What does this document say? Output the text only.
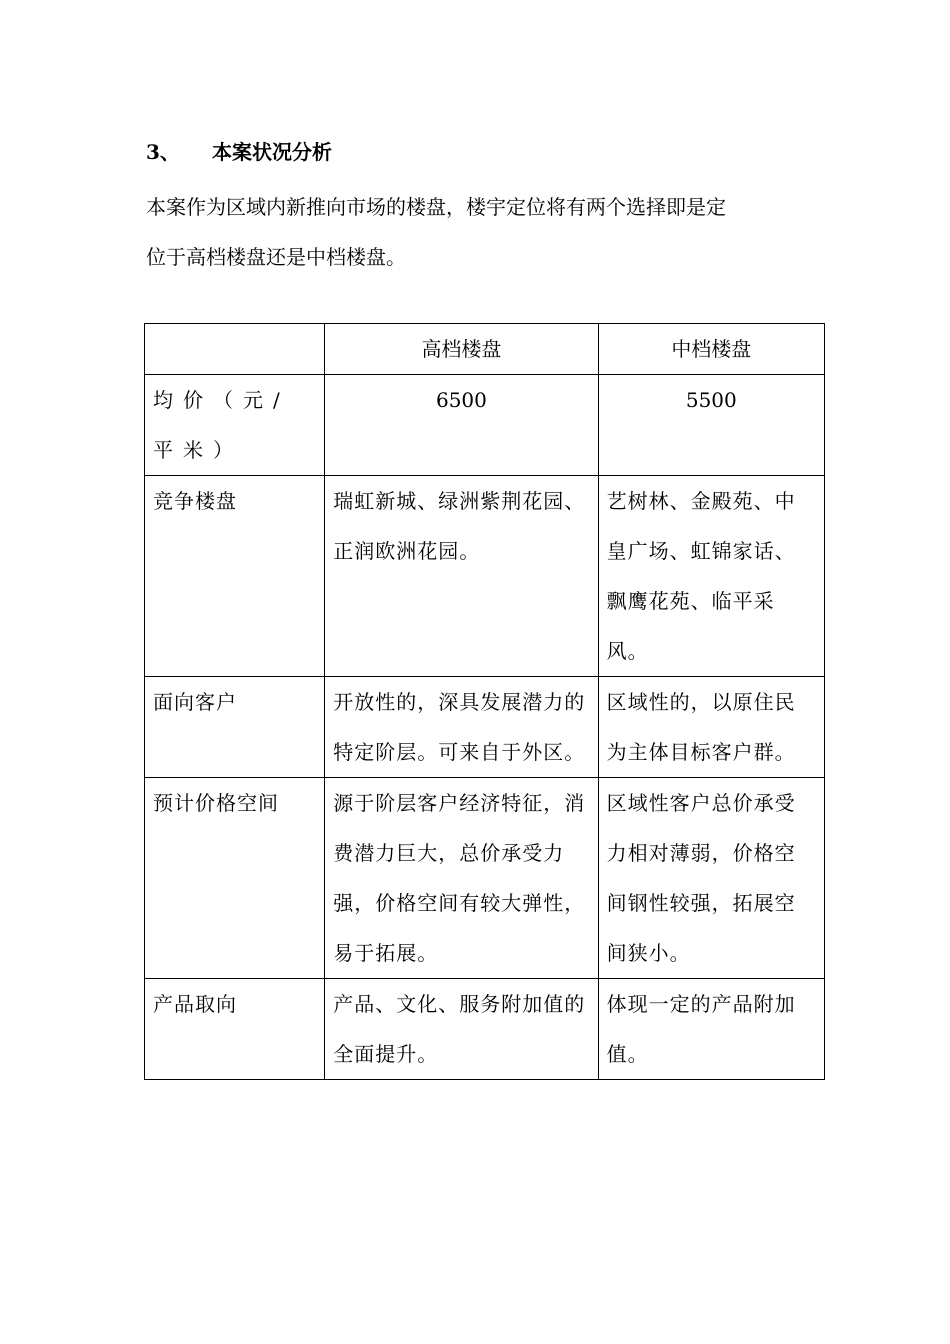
3、 本案状况分析

本案作为区域内新推向市场的楼盘，楼宇定位将有两个选择即是定

位于高档楼盘还是中档楼盘。

	高档楼盘	中档楼盘
均价（元/平米）	6500	5500
竞争楼盘	瑞虹新城、绿洲紫荆花园、正润欧洲花园。	艺树林、金殿苑、中皇广场、虹锦家话、飘鹰花苑、临平采风。
面向客户	开放性的，深具发展潜力的特定阶层。可来自于外区。	区域性的，以原住民为主体目标客户群。
预计价格空间	源于阶层客户经济特征，消费潜力巨大，总价承受力强，价格空间有较大弹性，易于拓展。	区域性客户总价承受力相对薄弱，价格空间钢性较强，拓展空间狭小。
产品取向	产品、文化、服务附加值的全面提升。	体现一定的产品附加值。
